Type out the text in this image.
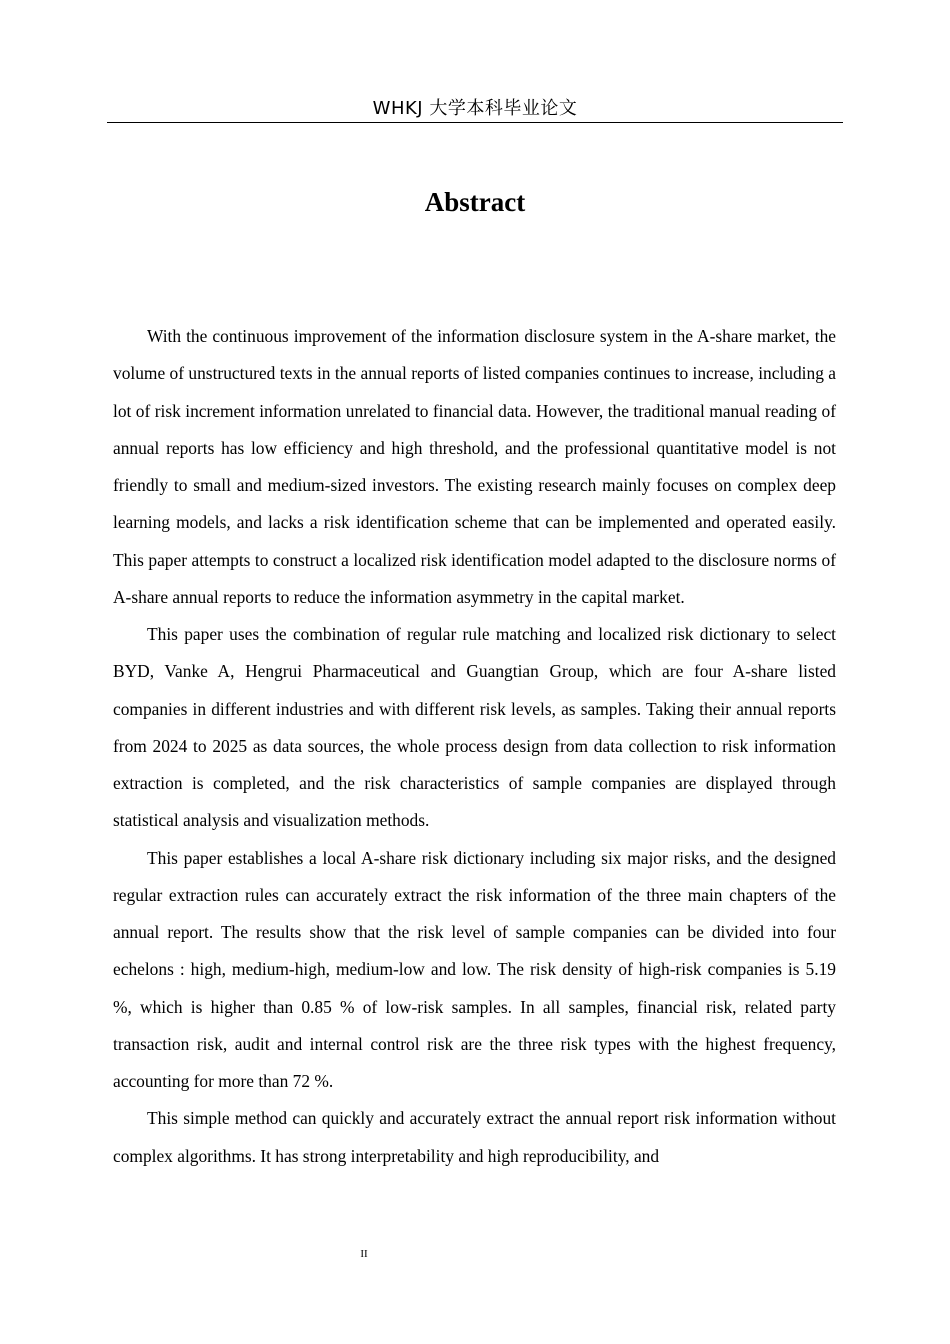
WHKJ 大学本科毕业论文
Abstract

With the continuous improvement of the information disclosure system in the A-share market, the volume of unstructured texts in the annual reports of listed companies continues to increase, including a lot of risk increment information unrelated to financial data. However, the traditional manual reading of annual reports has low efficiency and high threshold, and the professional quantitative model is not friendly to small and medium-sized investors. The existing research mainly focuses on complex deep learning models, and lacks a risk identification scheme that can be implemented and operated easily. This paper attempts to construct a localized risk identification model adapted to the disclosure norms of A-share annual reports to reduce the information asymmetry in the capital market.

This paper uses the combination of regular rule matching and localized risk dictionary to select BYD, Vanke A, Hengrui Pharmaceutical and Guangtian Group, which are four A-share listed companies in different industries and with different risk levels, as samples. Taking their annual reports from 2024 to 2025 as data sources, the whole process design from data collection to risk information extraction is completed, and the risk characteristics of sample companies are displayed through statistical analysis and visualization methods.

This paper establishes a local A-share risk dictionary including six major risks, and the designed regular extraction rules can accurately extract the risk information of the three main chapters of the annual report. The results show that the risk level of sample companies can be divided into four echelons : high, medium-high, medium-low and low. The risk density of high-risk companies is 5.19 %, which is higher than 0.85 % of low-risk samples. In all samples, financial risk, related party transaction risk, audit and internal control risk are the three risk types with the highest frequency, accounting for more than 72 %.

This simple method can quickly and accurately extract the annual report risk information without complex algorithms. It has strong interpretability and high reproducibility, and

II
